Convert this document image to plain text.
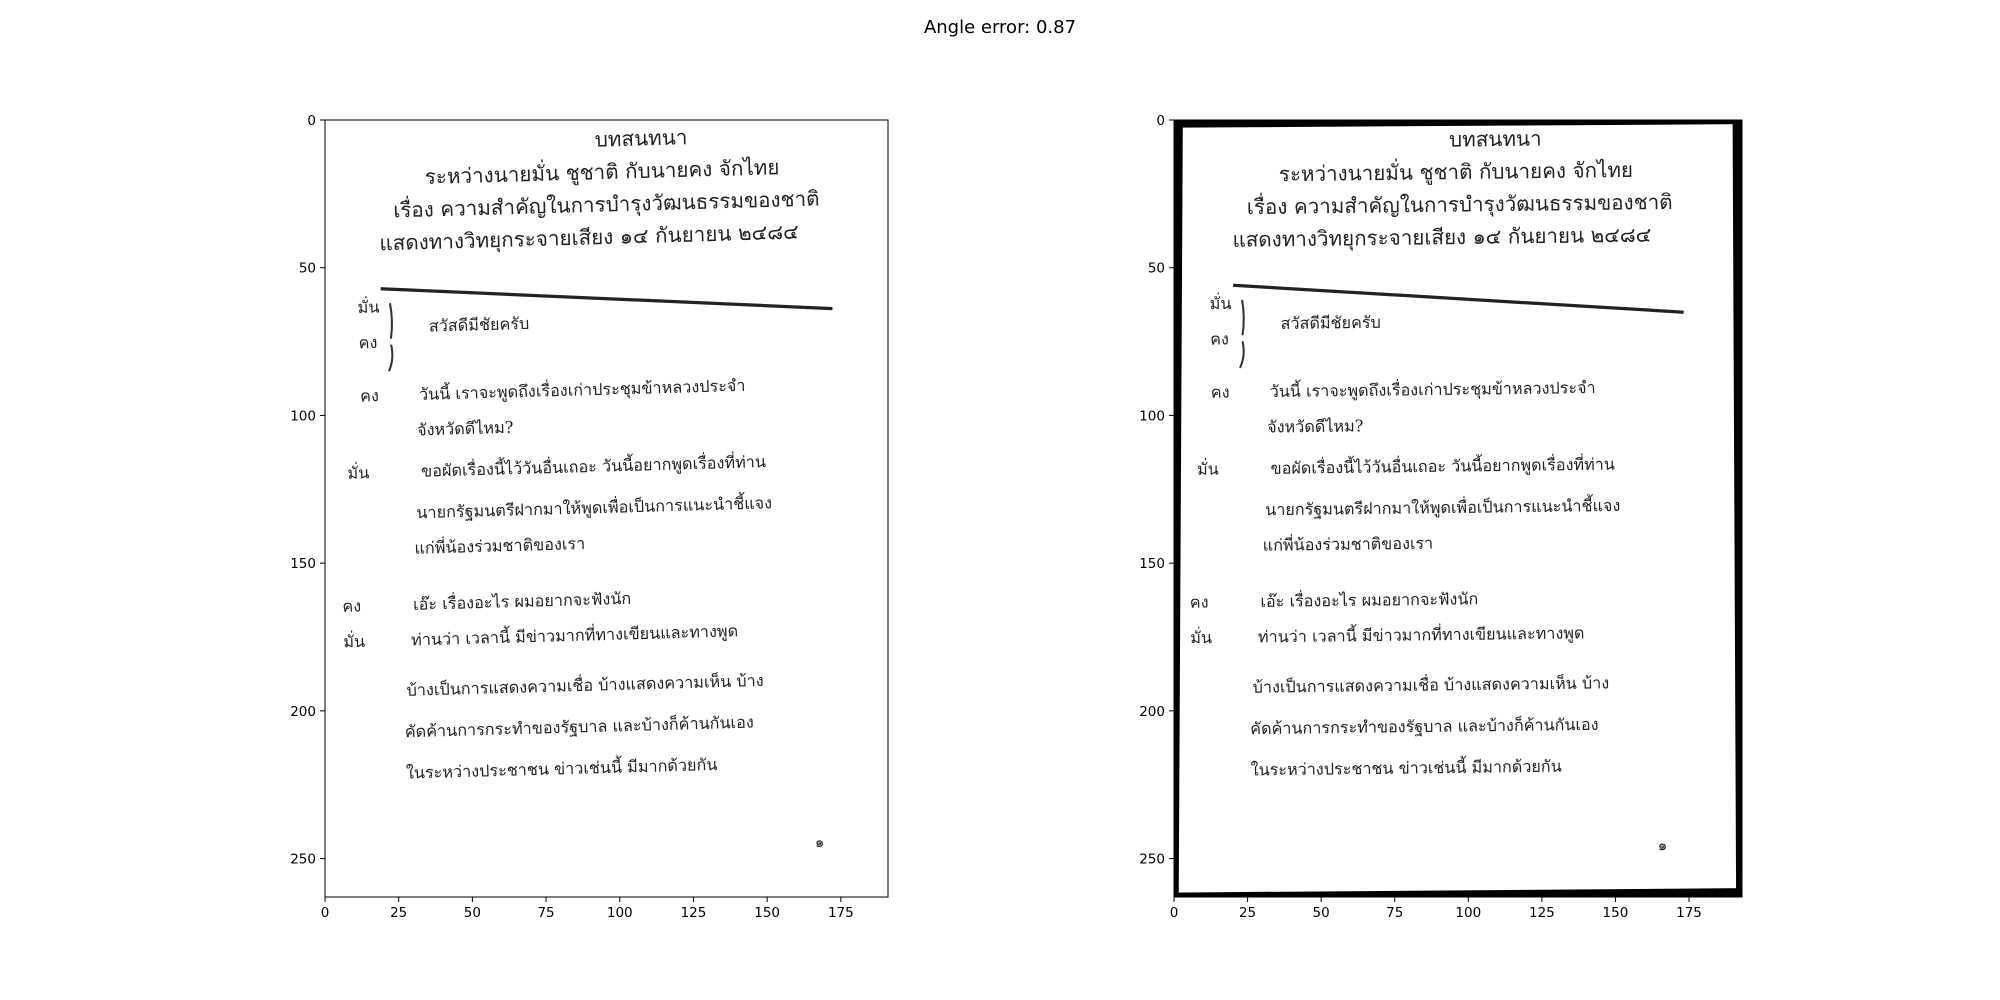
Angle error: 0.87
บทสนทนา
ระหว่างนายมั่น ชูชาติ กับนายคง จักไทย
เรื่อง ความสำคัญในการบำรุงวัฒนธรรมของชาติ
แสดงทางวิทยุกระจายเสียง ๑๔ กันยายน ๒๔๘๔
มั่น
คง
สวัสดีมีชัยครับ
คง	วันนี้ เราจะพูดถึงเรื่องเก่าประชุมข้าหลวงประจำ
จังหวัดดีไหม?
มั่น	ขอผัดเรื่องนี้ไว้วันอื่นเถอะ วันนี้อยากพูดเรื่องที่ท่าน
นายกรัฐมนตรีฝากมาให้พูดเพื่อเป็นการแนะนำชี้แจง
แก่พี่น้องร่วมชาติของเรา
คง	เอ๊ะ เรื่องอะไร ผมอยากจะฟังนัก
มั่น	ท่านว่า เวลานี้ มีข่าวมากที่ทางเขียนและทางพูด
บ้างเป็นการแสดงความเชื่อ บ้างแสดงความเห็น บ้าง
คัดค้านการกระทำของรัฐบาล และบ้างก็ค้านกันเอง
ในระหว่างประชาชน ข่าวเช่นนี้ มีมากด้วยกัน
๑
0	25	50	75	100	125	150	175
0
50
100
150
200
250
บทสนทนา
ระหว่างนายมั่น ชูชาติ กับนายคง จักไทย
เรื่อง ความสำคัญในการบำรุงวัฒนธรรมของชาติ
แสดงทางวิทยุกระจายเสียง ๑๔ กันยายน ๒๔๘๔
มั่น
คง
สวัสดีมีชัยครับ
คง	วันนี้ เราจะพูดถึงเรื่องเก่าประชุมข้าหลวงประจำ
จังหวัดดีไหม?
มั่น	ขอผัดเรื่องนี้ไว้วันอื่นเถอะ วันนี้อยากพูดเรื่องที่ท่าน
นายกรัฐมนตรีฝากมาให้พูดเพื่อเป็นการแนะนำชี้แจง
แก่พี่น้องร่วมชาติของเรา
คง	เอ๊ะ เรื่องอะไร ผมอยากจะฟังนัก
มั่น	ท่านว่า เวลานี้ มีข่าวมากที่ทางเขียนและทางพูด
บ้างเป็นการแสดงความเชื่อ บ้างแสดงความเห็น บ้าง
คัดค้านการกระทำของรัฐบาล และบ้างก็ค้านกันเอง
ในระหว่างประชาชน ข่าวเช่นนี้ มีมากด้วยกัน
๑
0	25	50	75	100	125	150	175
0
50
100
150
200
250
